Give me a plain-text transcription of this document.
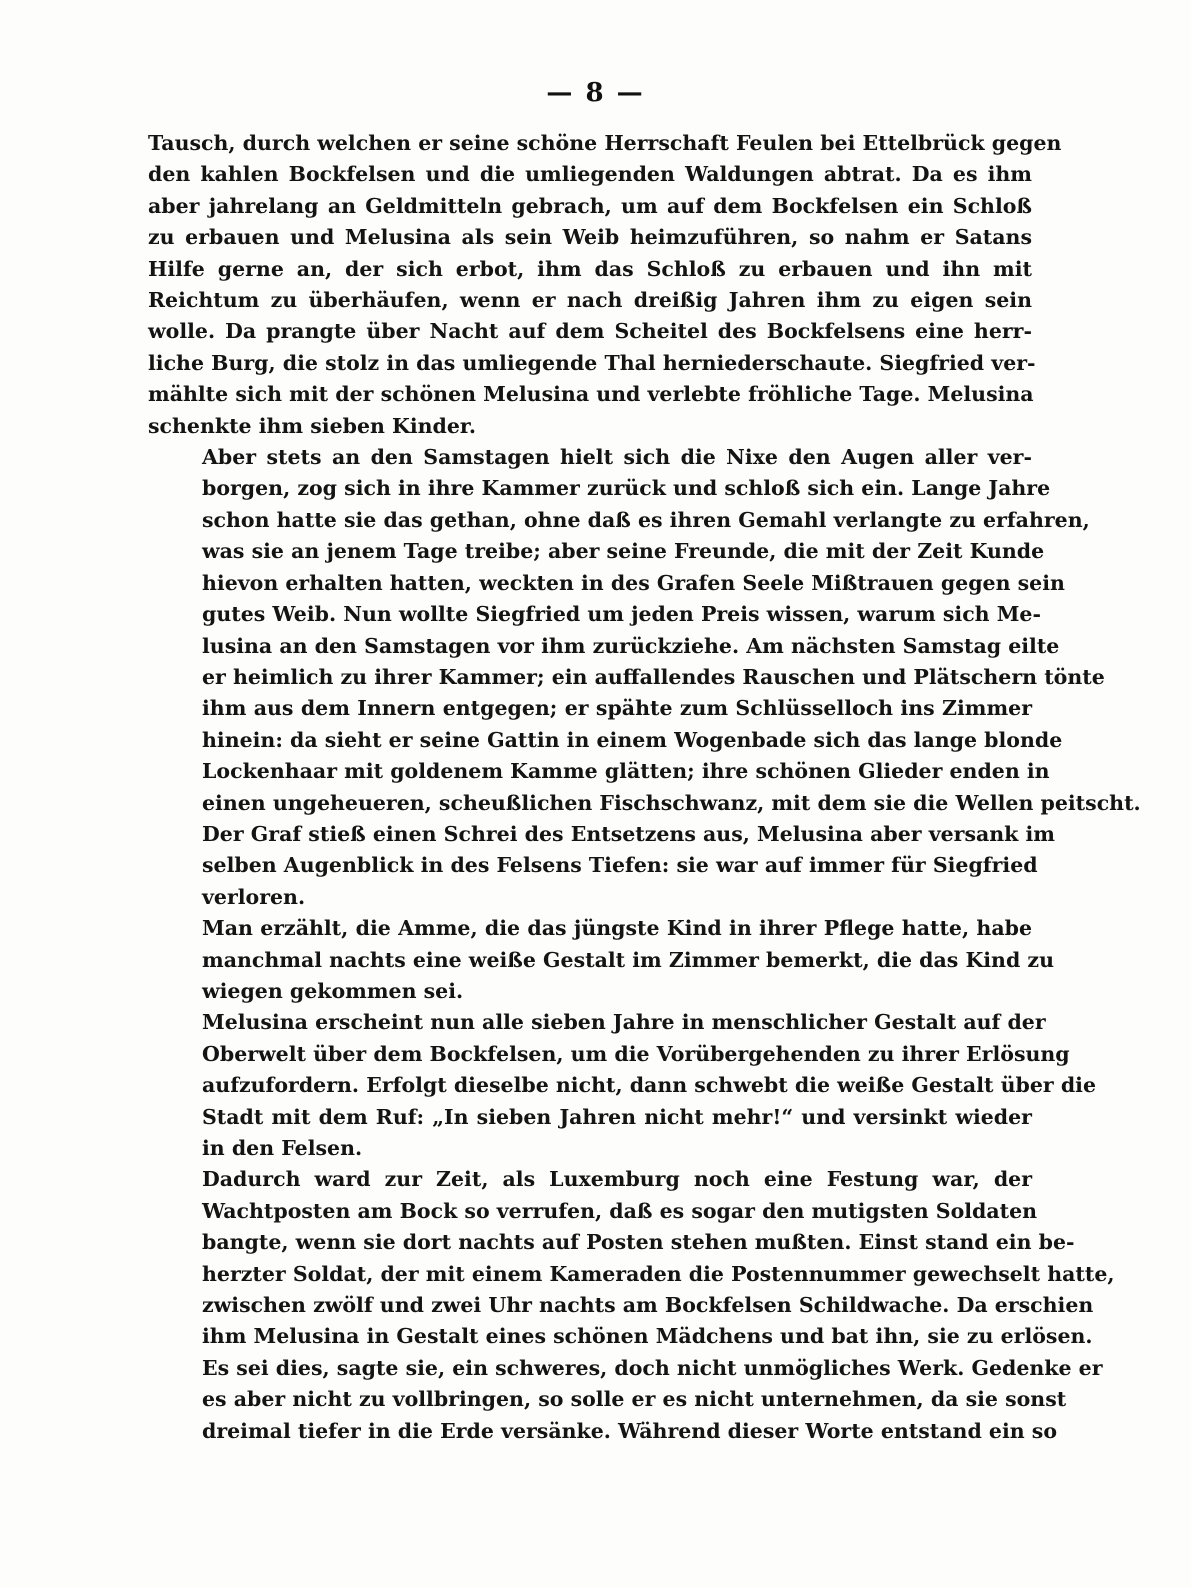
— 8 —
Tausch, durch welchen er seine schöne Herrschaft Feulen bei Ettelbrück gegen
den kahlen Bockfelsen und die umliegenden Waldungen abtrat. Da es ihm
aber jahrelang an Geldmitteln gebrach, um auf dem Bockfelsen ein Schloß
zu erbauen und Melusina als sein Weib heimzuführen, so nahm er Satans
Hilfe gerne an, der sich erbot, ihm das Schloß zu erbauen und ihn mit
Reichtum zu überhäufen, wenn er nach dreißig Jahren ihm zu eigen sein
wolle. Da prangte über Nacht auf dem Scheitel des Bockfelsens eine herr-
liche Burg, die stolz in das umliegende Thal herniederschaute. Siegfried ver-
mählte sich mit der schönen Melusina und verlebte fröhliche Tage. Melusina
schenkte ihm sieben Kinder.
Aber stets an den Samstagen hielt sich die Nixe den Augen aller ver-
borgen, zog sich in ihre Kammer zurück und schloß sich ein. Lange Jahre
schon hatte sie das gethan, ohne daß es ihren Gemahl verlangte zu erfahren,
was sie an jenem Tage treibe; aber seine Freunde, die mit der Zeit Kunde
hievon erhalten hatten, weckten in des Grafen Seele Mißtrauen gegen sein
gutes Weib. Nun wollte Siegfried um jeden Preis wissen, warum sich Me-
lusina an den Samstagen vor ihm zurückziehe. Am nächsten Samstag eilte
er heimlich zu ihrer Kammer; ein auffallendes Rauschen und Plätschern tönte
ihm aus dem Innern entgegen; er spähte zum Schlüsselloch ins Zimmer
hinein: da sieht er seine Gattin in einem Wogenbade sich das lange blonde
Lockenhaar mit goldenem Kamme glätten; ihre schönen Glieder enden in
einen ungeheueren, scheußlichen Fischschwanz, mit dem sie die Wellen peitscht.
Der Graf stieß einen Schrei des Entsetzens aus, Melusina aber versank im
selben Augenblick in des Felsens Tiefen: sie war auf immer für Siegfried
verloren.
Man erzählt, die Amme, die das jüngste Kind in ihrer Pflege hatte, habe
manchmal nachts eine weiße Gestalt im Zimmer bemerkt, die das Kind zu
wiegen gekommen sei.
Melusina erscheint nun alle sieben Jahre in menschlicher Gestalt auf der
Oberwelt über dem Bockfelsen, um die Vorübergehenden zu ihrer Erlösung
aufzufordern. Erfolgt dieselbe nicht, dann schwebt die weiße Gestalt über die
Stadt mit dem Ruf: „In sieben Jahren nicht mehr!“ und versinkt wieder
in den Felsen.
Dadurch ward zur Zeit, als Luxemburg noch eine Festung war, der
Wachtposten am Bock so verrufen, daß es sogar den mutigsten Soldaten
bangte, wenn sie dort nachts auf Posten stehen mußten. Einst stand ein be-
herzter Soldat, der mit einem Kameraden die Postennummer gewechselt hatte,
zwischen zwölf und zwei Uhr nachts am Bockfelsen Schildwache. Da erschien
ihm Melusina in Gestalt eines schönen Mädchens und bat ihn, sie zu erlösen.
Es sei dies, sagte sie, ein schweres, doch nicht unmögliches Werk. Gedenke er
es aber nicht zu vollbringen, so solle er es nicht unternehmen, da sie sonst
dreimal tiefer in die Erde versänke. Während dieser Worte entstand ein so
